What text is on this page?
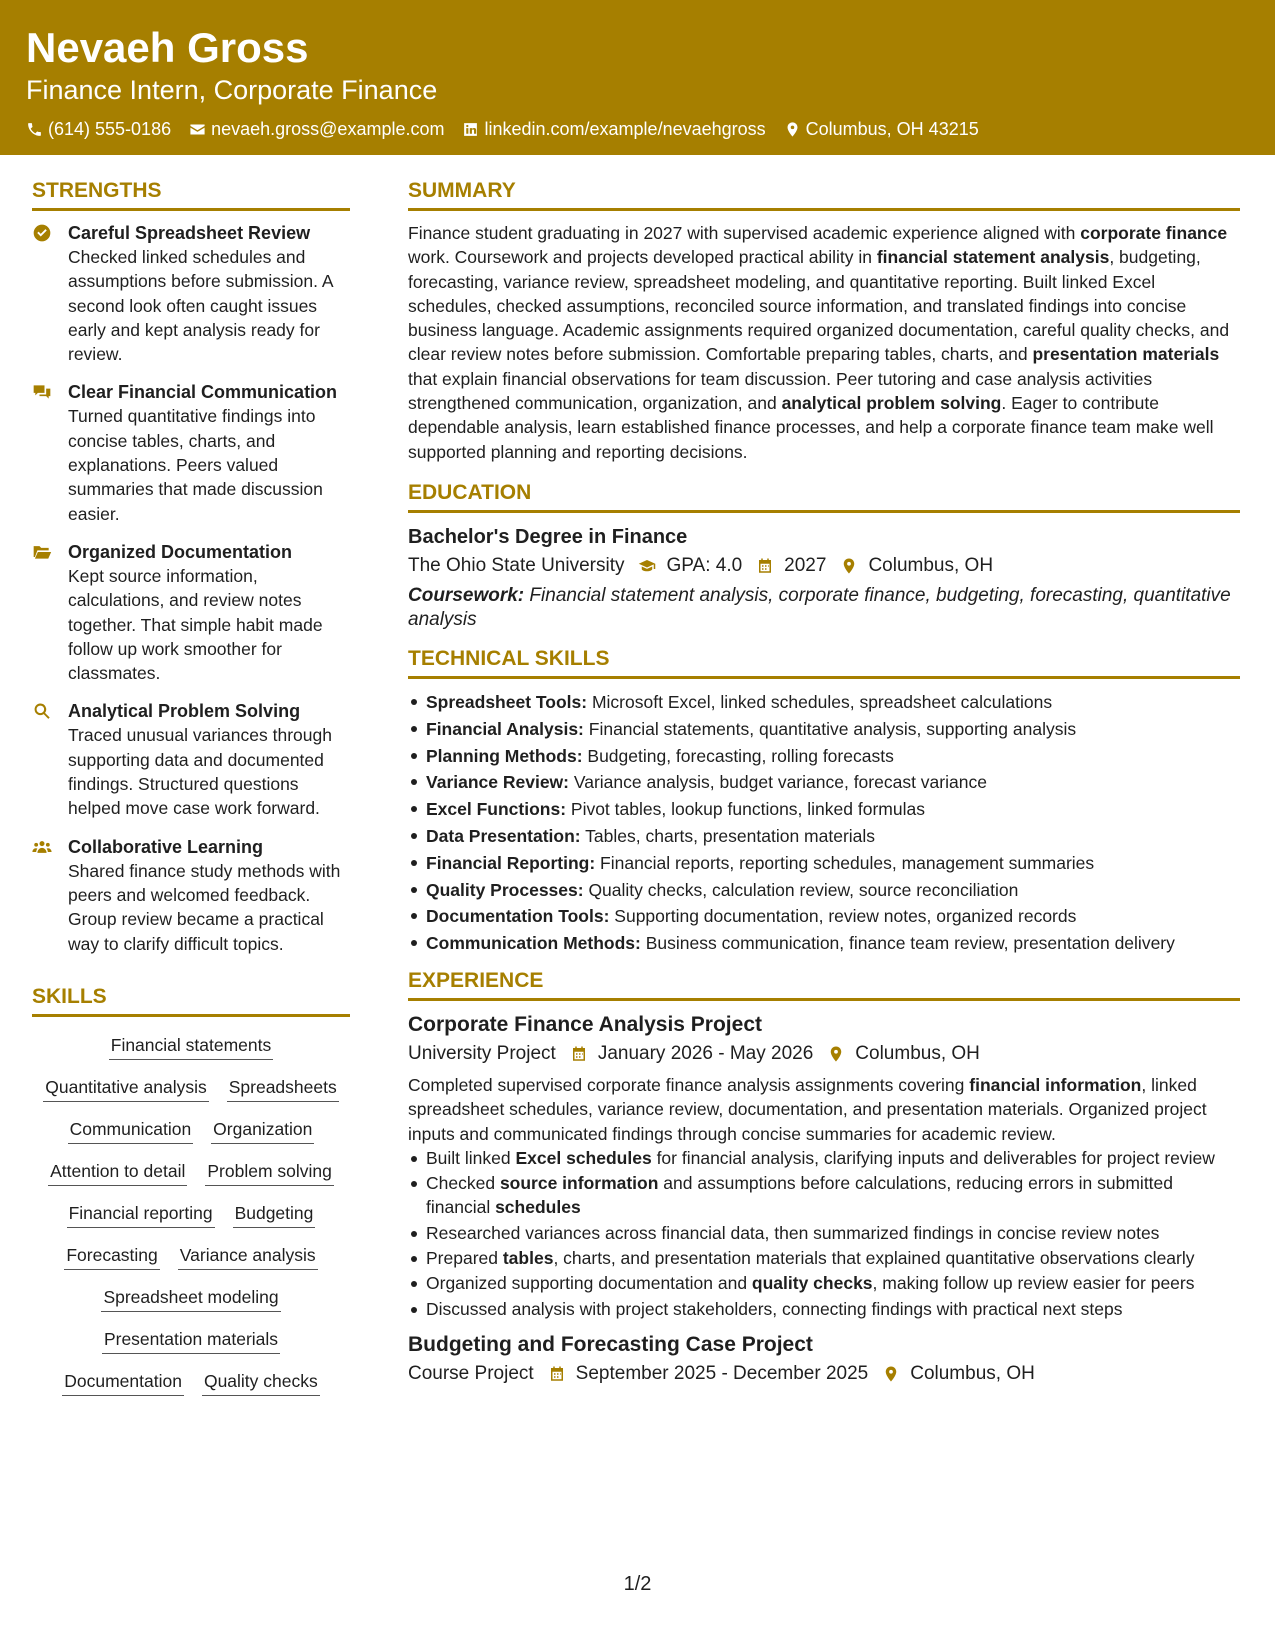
Nevaeh Gross
Finance Intern, Corporate Finance
(614) 555-0186 nevaeh.gross@example.com linkedin.com/example/nevaehgross Columbus, OH 43215
STRENGTHS
Careful Spreadsheet Review
Checked linked schedules and assumptions before submission. A second look often caught issues early and kept analysis ready for review.
Clear Financial Communication
Turned quantitative findings into concise tables, charts, and explanations. Peers valued summaries that made discussion easier.
Organized Documentation
Kept source information, calculations, and review notes together. That simple habit made follow up work smoother for classmates.
Analytical Problem Solving
Traced unusual variances through supporting data and documented findings. Structured questions helped move case work forward.
Collaborative Learning
Shared finance study methods with peers and welcomed feedback. Group review became a practical way to clarify difficult topics.
SKILLS
Financial statements
Quantitative analysis Spreadsheets
Communication Organization
Attention to detail Problem solving
Financial reporting Budgeting
Forecasting Variance analysis
Spreadsheet modeling
Presentation materials
Documentation Quality checks
SUMMARY
Finance student graduating in 2027 with supervised academic experience aligned with corporate finance work. Coursework and projects developed practical ability in financial statement analysis, budgeting, forecasting, variance review, spreadsheet modeling, and quantitative reporting. Built linked Excel schedules, checked assumptions, reconciled source information, and translated findings into concise business language. Academic assignments required organized documentation, careful quality checks, and clear review notes before submission. Comfortable preparing tables, charts, and presentation materials that explain financial observations for team discussion. Peer tutoring and case analysis activities strengthened communication, organization, and analytical problem solving. Eager to contribute dependable analysis, learn established finance processes, and help a corporate finance team make well supported planning and reporting decisions.
EDUCATION
Bachelor's Degree in Finance
The Ohio State University GPA: 4.0 2027 Columbus, OH
Coursework: Financial statement analysis, corporate finance, budgeting, forecasting, quantitative analysis
TECHNICAL SKILLS
Spreadsheet Tools: Microsoft Excel, linked schedules, spreadsheet calculations
Financial Analysis: Financial statements, quantitative analysis, supporting analysis
Planning Methods: Budgeting, forecasting, rolling forecasts
Variance Review: Variance analysis, budget variance, forecast variance
Excel Functions: Pivot tables, lookup functions, linked formulas
Data Presentation: Tables, charts, presentation materials
Financial Reporting: Financial reports, reporting schedules, management summaries
Quality Processes: Quality checks, calculation review, source reconciliation
Documentation Tools: Supporting documentation, review notes, organized records
Communication Methods: Business communication, finance team review, presentation delivery
EXPERIENCE
Corporate Finance Analysis Project
University Project January 2026 - May 2026 Columbus, OH
Completed supervised corporate finance analysis assignments covering financial information, linked spreadsheet schedules, variance review, documentation, and presentation materials. Organized project inputs and communicated findings through concise summaries for academic review.
Built linked Excel schedules for financial analysis, clarifying inputs and deliverables for project review
Checked source information and assumptions before calculations, reducing errors in submitted financial schedules
Researched variances across financial data, then summarized findings in concise review notes
Prepared tables, charts, and presentation materials that explained quantitative observations clearly
Organized supporting documentation and quality checks, making follow up review easier for peers
Discussed analysis with project stakeholders, connecting findings with practical next steps
Budgeting and Forecasting Case Project
Course Project September 2025 - December 2025 Columbus, OH
1/2
